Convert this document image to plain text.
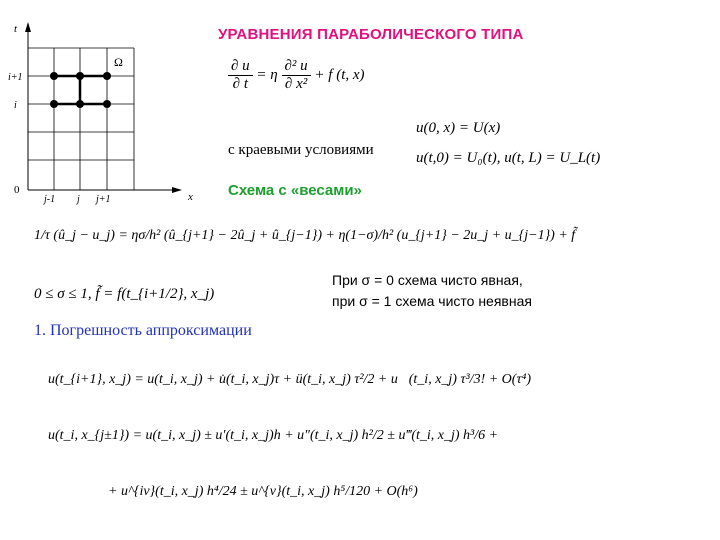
УРАВНЕНИЯ ПАРАБОЛИЧЕСКОГО ТИПА
t
x
0
i+1
i
j-1 j j+1
Ω	$\frac{\partial u}{\partial t} = \eta \frac{\text{∂² u}}{\text{∂ x²}} + f$ (t, x)
с краевыми условиями
u(0, x) = U(x)
u(t,0) = U₀(t), u(t, L) = U_L(t)
Схема с «весами»
1/τ (û_j − u_j) = ησ/h² (û_{j+1} − 2û_j + û_{j−1}) + η(1−σ)/h² (u_{j+1} − 2u_j + u_{j−1}) + f̃
0 ≤ σ ≤ 1, f̃ = f(t_{i+1/2}, x_j)
При σ = 0 схема чисто явная,
при σ = 1 схема чисто неявная
1. Погрешность аппроксимации
u(t_{i+1}, x_j) = u(t_i, x_j) + u̇(t_i, x_j)τ + ü(t_i, x_j) τ²/2 + u⃛(t_i, x_j) τ³/3! + O(τ⁴)
u(t_i, x_{j±1}) = u(t_i, x_j) ± u′(t_i, x_j)h + u″(t_i, x_j) h²/2 ± u‴(t_i, x_j) h³/6 +
+ u^{iv}(t_i, x_j) h⁴/24 ± u^{v}(t_i, x_j) h⁵/120 + O(h⁶)
